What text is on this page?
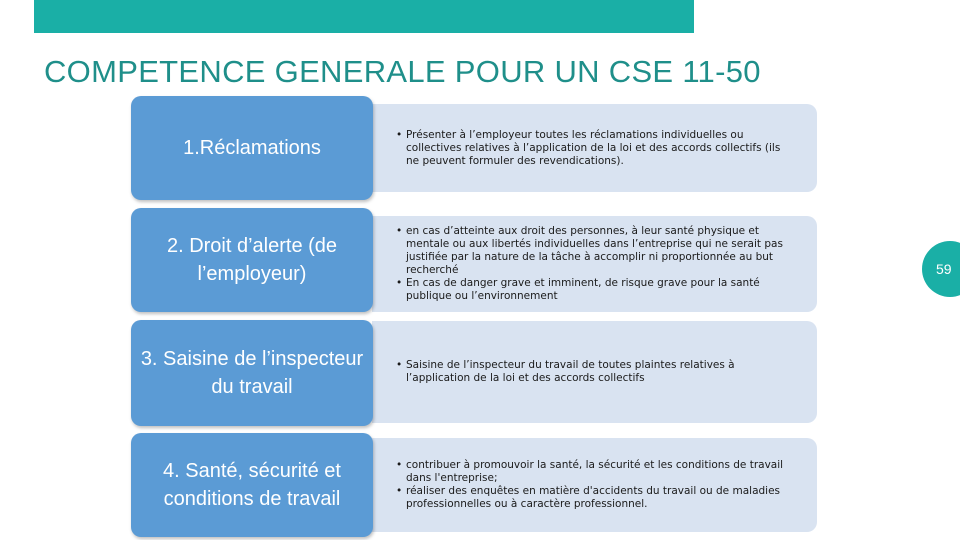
COMPETENCE GENERALE POUR UN CSE 11-50
59
1.Réclamations
• Présenter à l’employeur toutes les réclamations individuelles ou collectives relatives à l’application de la loi et des accords collectifs (ils ne peuvent formuler des revendications).
2. Droit d’alerte (de l’employeur)
• en cas d’atteinte aux droit des personnes, à leur santé physique et mentale ou aux libertés individuelles dans l’entreprise qui ne serait pas justifiée par la nature de la tâche à accomplir ni proportionnée au but recherché
• En cas de danger grave et imminent, de risque grave pour la santé publique ou l’environnement
3. Saisine de l’inspecteur du travail
• Saisine de l’inspecteur du travail de toutes plaintes relatives à l’application de la loi et des accords collectifs
4. Santé, sécurité et conditions de travail
• contribuer à promouvoir la santé, la sécurité et les conditions de travail dans l'entreprise;
• réaliser des enquêtes en matière d'accidents du travail ou de maladies professionnelles ou à caractère professionnel.
